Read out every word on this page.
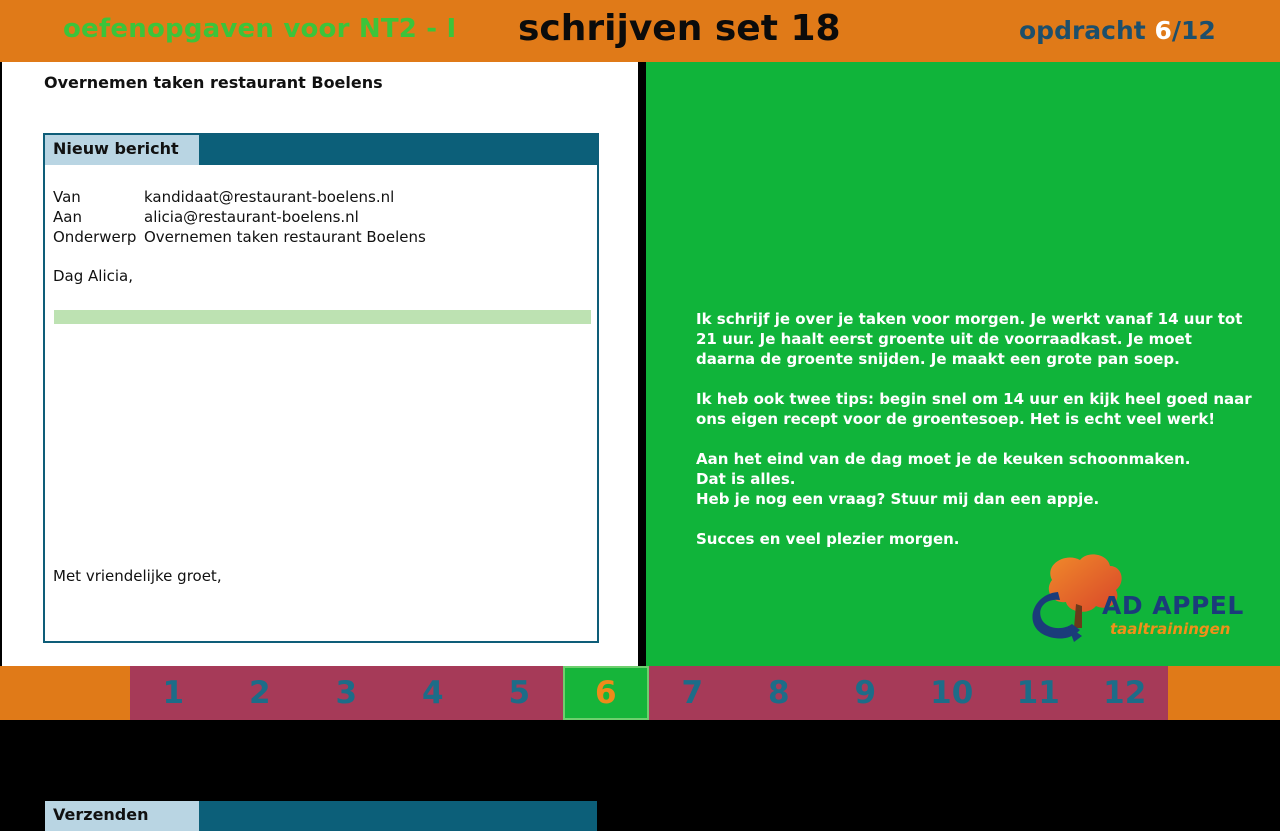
oefenopgaven voor NT2 - I schrijven set 18	opdracht 6/12
Overnemen taken restaurant Boelens
Nieuw bericht
Van	kandidaat@restaurant-boelens.nl
Aan	alicia@restaurant-boelens.nl
Onderwerp Overnemen taken restaurant Boelens
Dag Alicia,
Met vriendelijke groet,
Verzenden

Ik schrijf je over je taken voor morgen. Je werkt vanaf 14 uur tot 21 uur. Je haalt eerst groente uit de voorraadkast. Je moet daarna de groente snijden. Je maakt een grote pan soep.

Ik heb ook twee tips: begin snel om 14 uur en kijk heel goed naar ons eigen recept voor de groentesoep. Het is echt veel werk!

Aan het eind van de dag moet je de keuken schoonmaken.
Dat is alles.
Heb je nog een vraag? Stuur mij dan een appje.

Succes en veel plezier morgen.

AD APPEL
taaltrainingen
1	2	3	4	5	6	7	8	9	10	11	12
